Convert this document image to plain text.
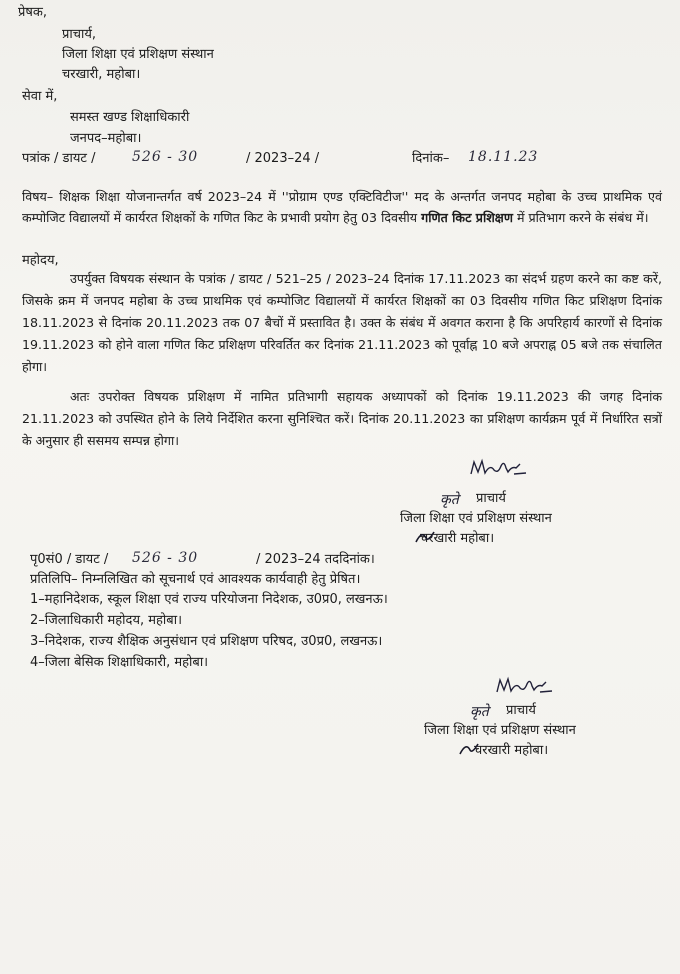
प्रेषक,
प्राचार्य,
जिला शिक्षा एवं प्रशिक्षण संस्थान
चरखारी, महोबा।
सेवा में,
समस्त खण्ड शिक्षाधिकारी
जनपद–महोबा।
पत्रांक / डायट /	526 - 30	/ 2023–24 /	दिनांक– 18.11.23
विषय– शिक्षक शिक्षा योजनान्तर्गत वर्ष 2023–24 में ''प्रोग्राम एण्ड एक्टिविटीज'' मद के अन्तर्गत जनपद महोबा के उच्च प्राथमिक एवं कम्पोजिट विद्यालयों में कार्यरत शिक्षकों के गणित किट के प्रभावी प्रयोग हेतु 03 दिवसीय गणित किट प्रशिक्षण में प्रतिभाग करने के संबंध में।
महोदय,
उपर्युक्त विषयक संस्थान के पत्रांक / डायट / 521–25 / 2023–24 दिनांक 17.11.2023 का संदर्भ ग्रहण करने का कष्ट करें, जिसके क्रम में जनपद महोबा के उच्च प्राथमिक एवं कम्पोजिट विद्यालयों में कार्यरत शिक्षकों का 03 दिवसीय गणित किट प्रशिक्षण दिनांक 18.11.2023 से दिनांक 20.11.2023 तक 07 बैचों में प्रस्तावित है। उक्त के संबंध में अवगत कराना है कि अपरिहार्य कारणों से दिनांक 19.11.2023 को होने वाला गणित किट प्रशिक्षण परिवर्तित कर दिनांक 21.11.2023 को पूर्वाह्न 10 बजे अपराह्न 05 बजे तक संचालित होगा।
अतः उपरोक्त विषयक प्रशिक्षण में नामित प्रतिभागी सहायक अध्यापकों को दिनांक 19.11.2023 की जगह दिनांक 21.11.2023 को उपस्थित होने के लिये निर्देशित करना सुनिश्चित करें। दिनांक 20.11.2023 का प्रशिक्षण कार्यक्रम पूर्व में निर्धारित सत्रों के अनुसार ही ससमय सम्पन्न होगा।
कृते प्राचार्य
जिला शिक्षा एवं प्रशिक्षण संस्थान
चरखारी महोबा।
पृ0सं0 / डायट / 526 - 30	/ 2023–24 तददिनांक।
प्रतिलिपि– निम्नलिखित को सूचनार्थ एवं आवश्यक कार्यवाही हेतु प्रेषित।
1–महानिदेशक, स्कूल शिक्षा एवं राज्य परियोजना निदेशक, उ0प्र0, लखनऊ।
2–जिलाधिकारी महोदय, महोबा।
3–निदेशक, राज्य शैक्षिक अनुसंधान एवं प्रशिक्षण परिषद, उ0प्र0, लखनऊ।
4–जिला बेसिक शिक्षाधिकारी, महोबा।
कृते प्राचार्य
जिला शिक्षा एवं प्रशिक्षण संस्थान
चरखारी महोबा।
